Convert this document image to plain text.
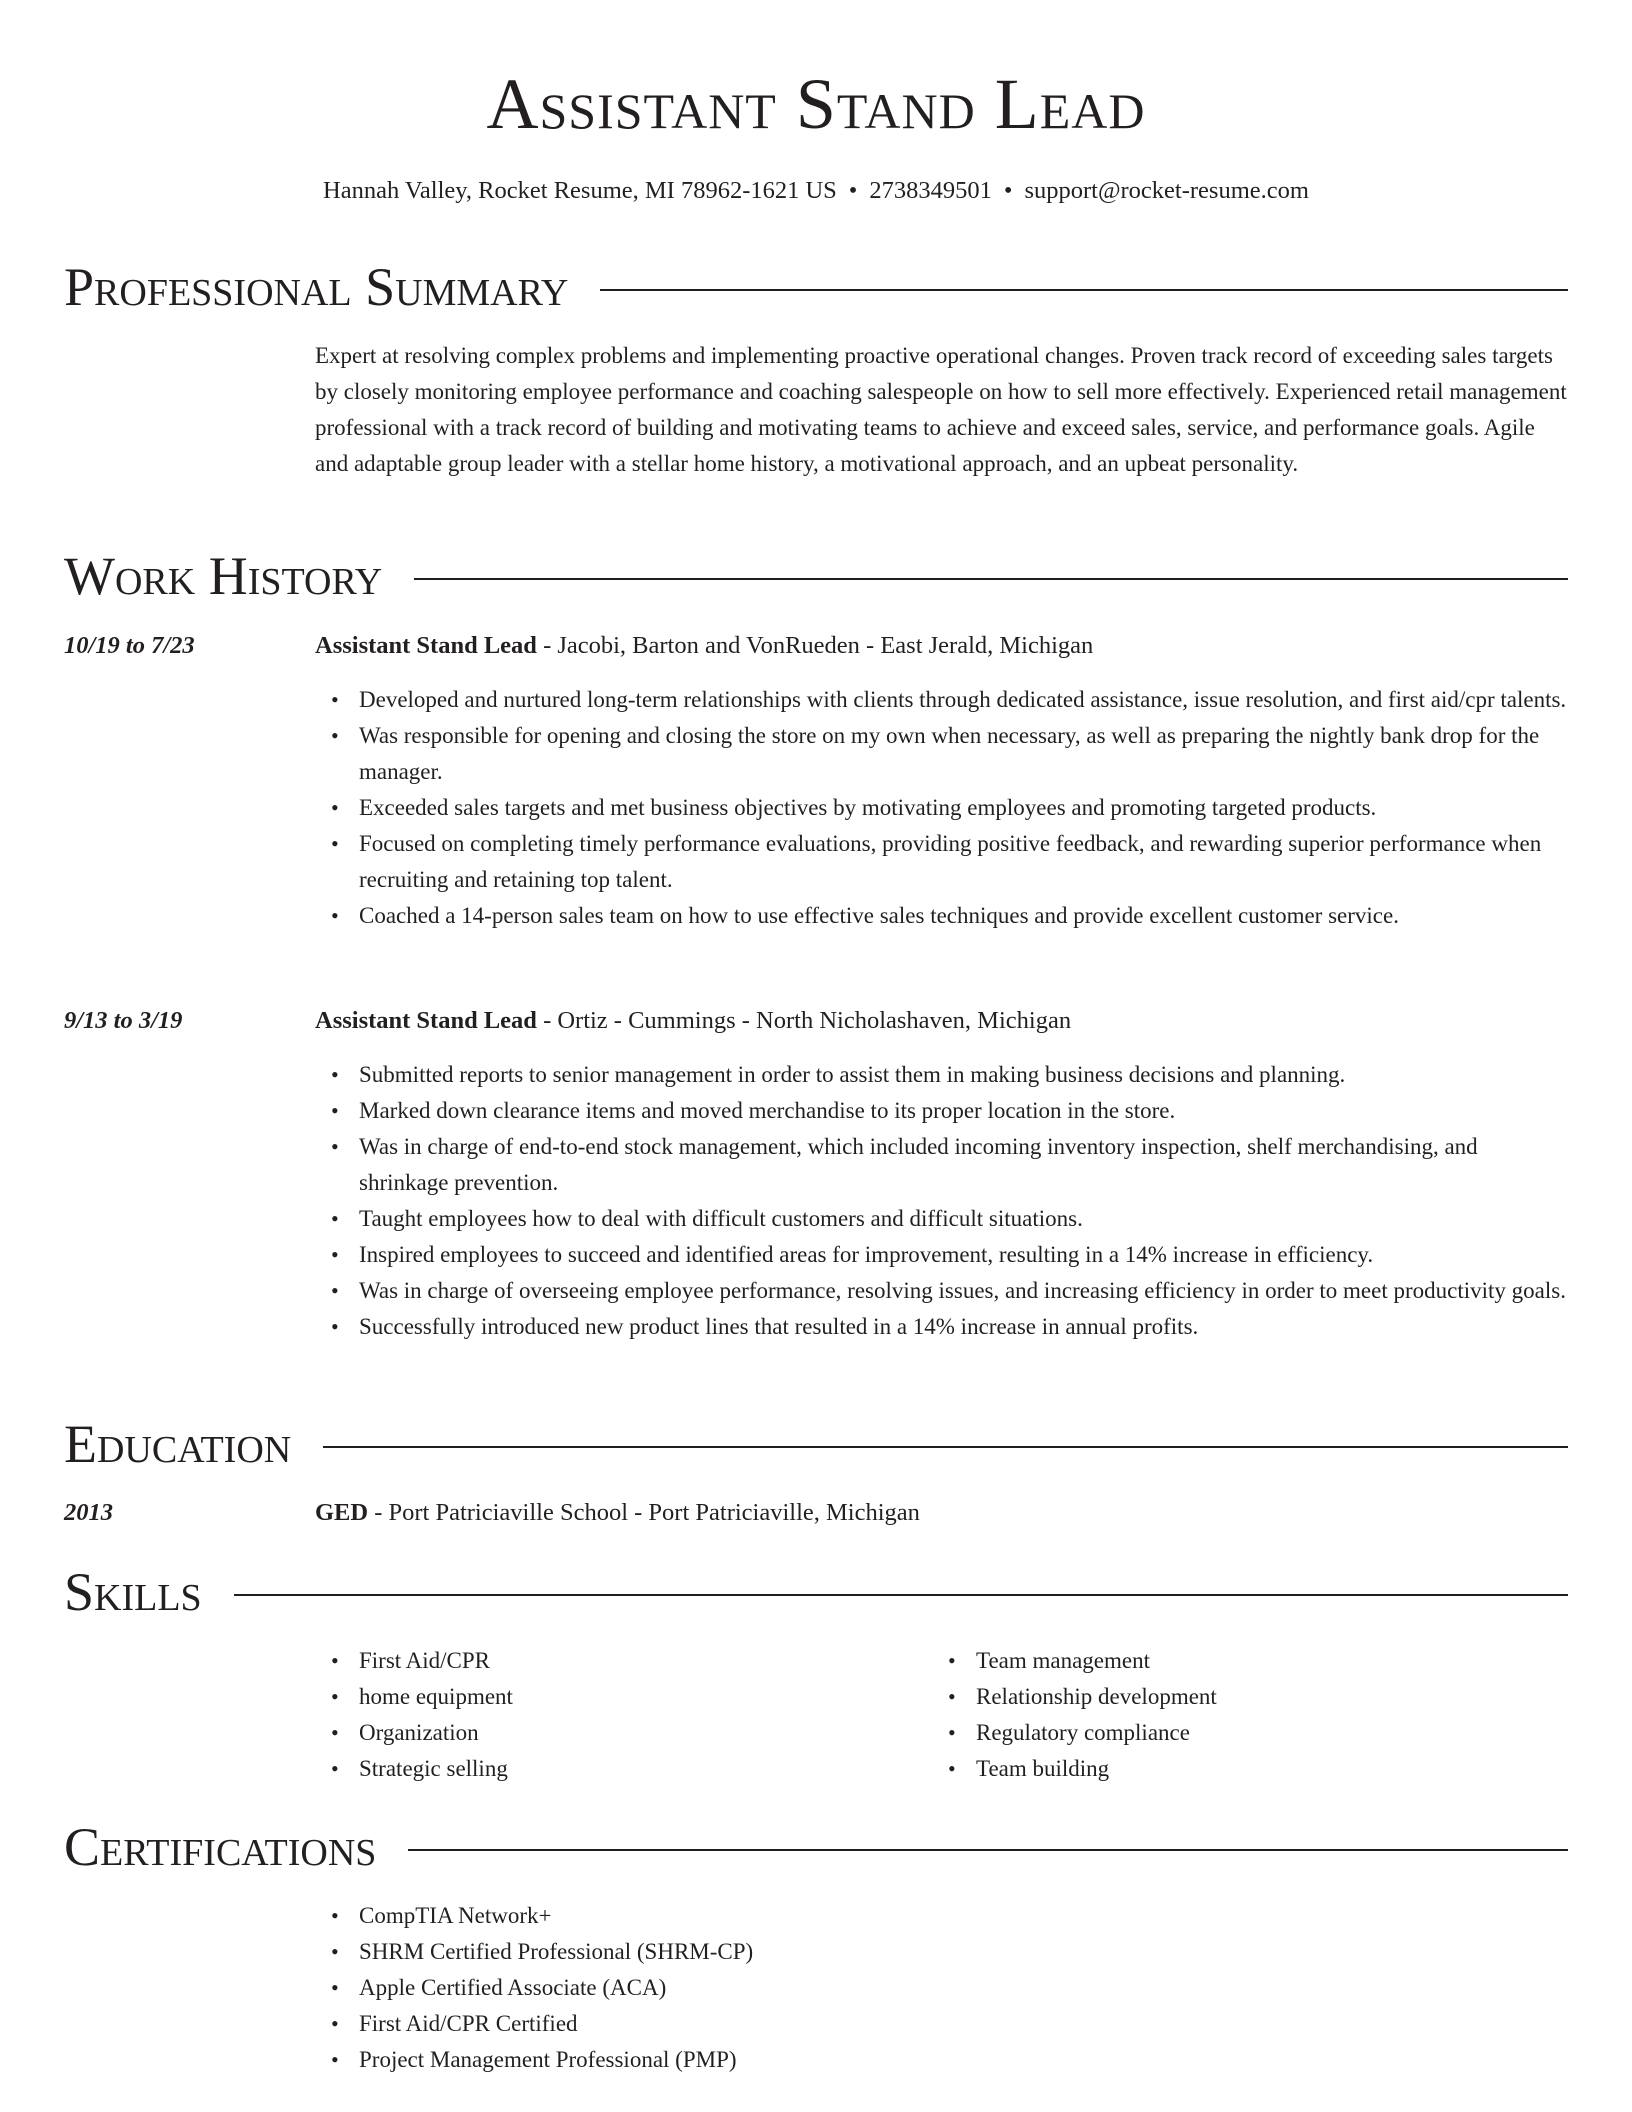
Assistant Stand Lead
Hannah Valley, Rocket Resume, MI 78962-1621 US • 2738349501 • support@rocket-resume.com
Professional Summary
Expert at resolving complex problems and implementing proactive operational changes. Proven track record of exceeding sales targets by closely monitoring employee performance and coaching salespeople on how to sell more effectively. Experienced retail management professional with a track record of building and motivating teams to achieve and exceed sales, service, and performance goals. Agile and adaptable group leader with a stellar home history, a motivational approach, and an upbeat personality.
Work History
10/19 to 7/23	Assistant Stand Lead - Jacobi, Barton and VonRueden - East Jerald, Michigan
• Developed and nurtured long-term relationships with clients through dedicated assistance, issue resolution, and first aid/cpr talents.
• Was responsible for opening and closing the store on my own when necessary, as well as preparing the nightly bank drop for the manager.
• Exceeded sales targets and met business objectives by motivating employees and promoting targeted products.
• Focused on completing timely performance evaluations, providing positive feedback, and rewarding superior performance when recruiting and retaining top talent.
• Coached a 14-person sales team on how to use effective sales techniques and provide excellent customer service.
9/13 to 3/19	Assistant Stand Lead - Ortiz - Cummings - North Nicholashaven, Michigan
• Submitted reports to senior management in order to assist them in making business decisions and planning.
• Marked down clearance items and moved merchandise to its proper location in the store.
• Was in charge of end-to-end stock management, which included incoming inventory inspection, shelf merchandising, and shrinkage prevention.
• Taught employees how to deal with difficult customers and difficult situations.
• Inspired employees to succeed and identified areas for improvement, resulting in a 14% increase in efficiency.
• Was in charge of overseeing employee performance, resolving issues, and increasing efficiency in order to meet productivity goals.
• Successfully introduced new product lines that resulted in a 14% increase in annual profits.
Education
2013	GED - Port Patriciaville School - Port Patriciaville, Michigan
Skills
• First Aid/CPR
• home equipment
• Organization
• Strategic selling
• Team management
• Relationship development
• Regulatory compliance
• Team building
Certifications
• CompTIA Network+
• SHRM Certified Professional (SHRM-CP)
• Apple Certified Associate (ACA)
• First Aid/CPR Certified
• Project Management Professional (PMP)
